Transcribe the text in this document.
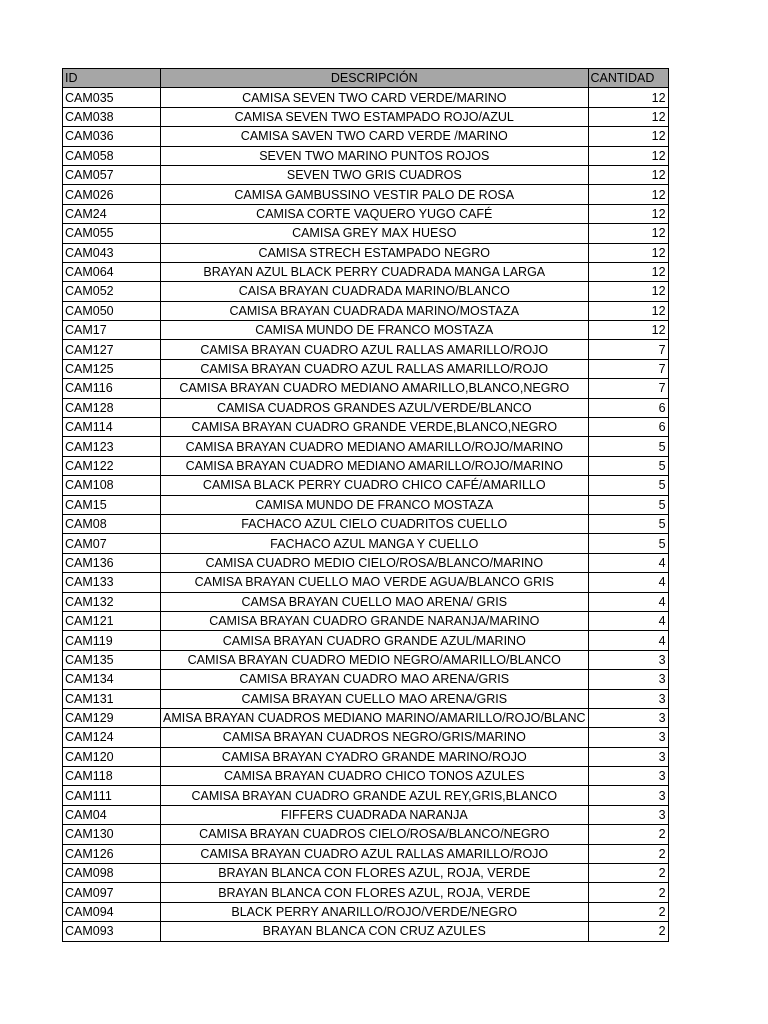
ID	DESCRIPCIÓN	CANTIDAD
CAM035	CAMISA SEVEN TWO CARD VERDE/MARINO	12
CAM038	CAMISA SEVEN TWO ESTAMPADO ROJO/AZUL	12
CAM036	CAMISA SAVEN TWO CARD VERDE /MARINO	12
CAM058	SEVEN TWO MARINO PUNTOS ROJOS	12
CAM057	SEVEN TWO GRIS CUADROS	12
CAM026	CAMISA GAMBUSSINO VESTIR PALO DE ROSA	12
CAM24	CAMISA CORTE VAQUERO YUGO CAFÉ	12
CAM055	CAMISA GREY MAX HUESO	12
CAM043	CAMISA STRECH ESTAMPADO NEGRO	12
CAM064	BRAYAN AZUL BLACK PERRY CUADRADA MANGA LARGA	12
CAM052	CAISA BRAYAN CUADRADA MARINO/BLANCO	12
CAM050	CAMISA BRAYAN CUADRADA MARINO/MOSTAZA	12
CAM17	CAMISA MUNDO DE FRANCO MOSTAZA	12
CAM127	CAMISA BRAYAN CUADRO AZUL RALLAS AMARILLO/ROJO	7
CAM125	CAMISA BRAYAN CUADRO AZUL RALLAS AMARILLO/ROJO	7
CAM116	CAMISA BRAYAN CUADRO MEDIANO AMARILLO,BLANCO,NEGRO	7
CAM128	CAMISA CUADROS GRANDES AZUL/VERDE/BLANCO	6
CAM114	CAMISA BRAYAN CUADRO GRANDE VERDE,BLANCO,NEGRO	6
CAM123	CAMISA BRAYAN CUADRO MEDIANO AMARILLO/ROJO/MARINO	5
CAM122	CAMISA BRAYAN CUADRO MEDIANO AMARILLO/ROJO/MARINO	5
CAM108	CAMISA BLACK PERRY CUADRO CHICO CAFÉ/AMARILLO	5
CAM15	CAMISA MUNDO DE FRANCO MOSTAZA	5
CAM08	FACHACO AZUL CIELO CUADRITOS CUELLO	5
CAM07	FACHACO AZUL MANGA Y CUELLO	5
CAM136	CAMISA CUADRO MEDIO CIELO/ROSA/BLANCO/MARINO	4
CAM133	CAMISA BRAYAN CUELLO MAO VERDE AGUA/BLANCO GRIS	4
CAM132	CAMSA BRAYAN CUELLO MAO ARENA/ GRIS	4
CAM121	CAMISA BRAYAN CUADRO GRANDE NARANJA/MARINO	4
CAM119	CAMISA BRAYAN CUADRO GRANDE AZUL/MARINO	4
CAM135	CAMISA BRAYAN CUADRO MEDIO NEGRO/AMARILLO/BLANCO	3
CAM134	CAMISA BRAYAN CUADRO MAO ARENA/GRIS	3
CAM131	CAMISA BRAYAN CUELLO MAO ARENA/GRIS	3
CAM129	AMISA BRAYAN CUADROS MEDIANO MARINO/AMARILLO/ROJO/BLANC	3
CAM124	CAMISA BRAYAN CUADROS NEGRO/GRIS/MARINO	3
CAM120	CAMISA BRAYAN CYADRO GRANDE MARINO/ROJO	3
CAM118	CAMISA BRAYAN CUADRO CHICO TONOS AZULES	3
CAM111	CAMISA BRAYAN CUADRO GRANDE AZUL REY,GRIS,BLANCO	3
CAM04	FIFFERS CUADRADA NARANJA	3
CAM130	CAMISA BRAYAN CUADROS CIELO/ROSA/BLANCO/NEGRO	2
CAM126	CAMISA BRAYAN CUADRO AZUL RALLAS AMARILLO/ROJO	2
CAM098	BRAYAN BLANCA CON FLORES AZUL, ROJA, VERDE	2
CAM097	BRAYAN BLANCA CON FLORES AZUL, ROJA, VERDE	2
CAM094	BLACK PERRY ANARILLO/ROJO/VERDE/NEGRO	2
CAM093	BRAYAN BLANCA CON CRUZ AZULES	2
